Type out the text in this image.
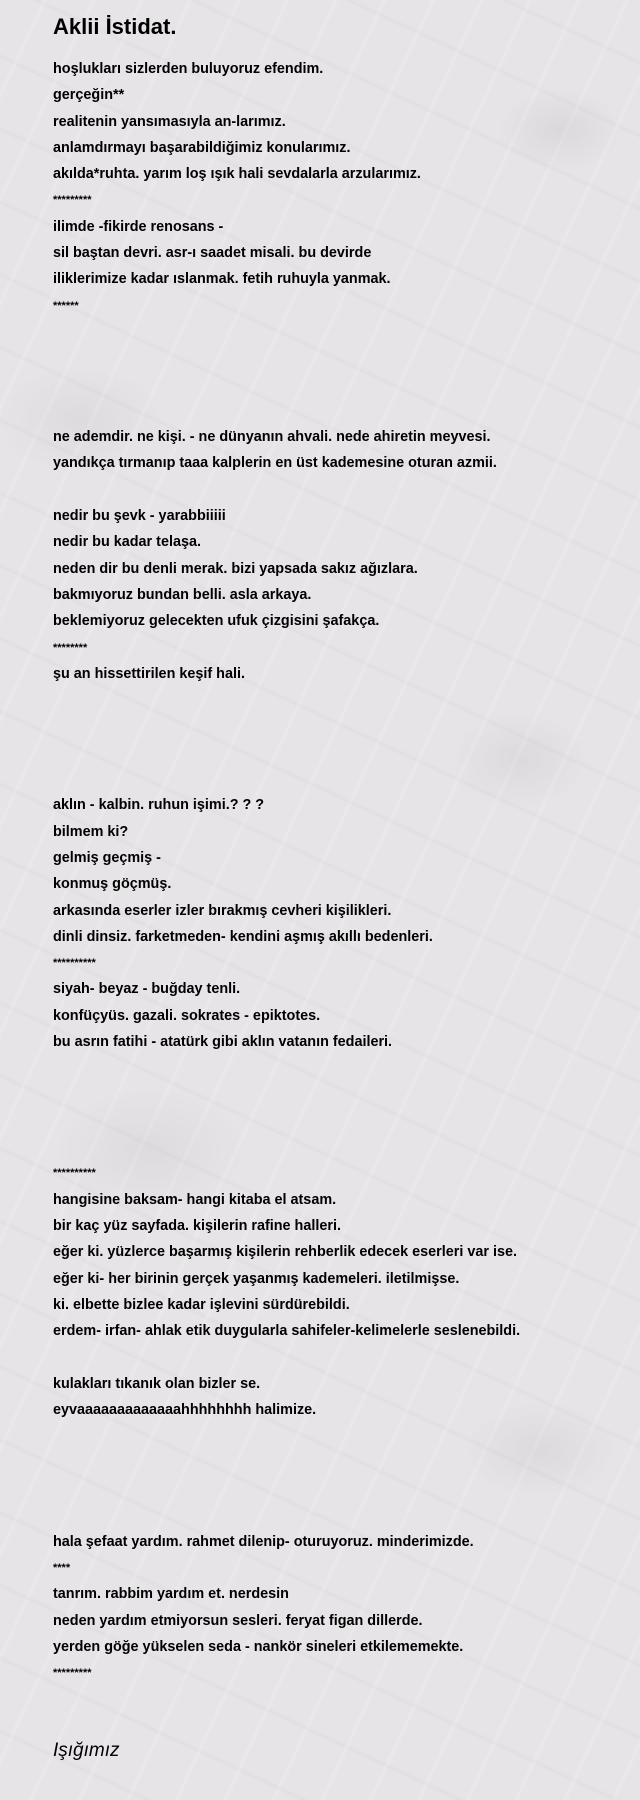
Aklii İstidat.
hoşlukları sizlerden buluyoruz efendim.
gerçeğin**
realitenin yansımasıyla an-larımız.
anlamdırmayı başarabildiğimiz konularımız.
akılda*ruhta. yarım loş ışık hali sevdalarla arzularımız.
*********
ilimde -fikirde renosans -
sil baştan devri. asr-ı saadet misali. bu devirde
iliklerimize kadar ıslanmak. fetih ruhuyla yanmak.
******
ne ademdir. ne kişi. - ne dünyanın ahvali. nede ahiretin meyvesi.
yandıkça tırmanıp taaa kalplerin en üst kademesine oturan azmii.
nedir bu şevk - yarabbiiiii
nedir bu kadar telaşa.
neden dir bu denli merak. bizi yapsada sakız ağızlara.
bakmıyoruz bundan belli. asla arkaya.
beklemiyoruz gelecekten ufuk çizgisini şafakça.
********
şu an hissettirilen keşif hali.
aklın - kalbin. ruhun işimi.? ? ?
bilmem ki?
gelmiş geçmiş -
konmuş göçmüş.
arkasında eserler izler bırakmış cevheri kişilikleri.
dinli dinsiz. farketmeden- kendini aşmış akıllı bedenleri.
**********
siyah- beyaz - buğday tenli.
konfüçyüs. gazali. sokrates - epiktotes.
bu asrın fatihi - atatürk gibi aklın vatanın fedaileri.
**********
hangisine baksam- hangi kitaba el atsam.
bir kaç yüz sayfada. kişilerin rafine halleri.
eğer ki. yüzlerce başarmış kişilerin rehberlik edecek eserleri var ise.
eğer ki- her birinin gerçek yaşanmış kademeleri. iletilmişse.
ki. elbette bizlee kadar işlevini sürdürebildi.
erdem- irfan- ahlak etik duygularla sahifeler-kelimelerle seslenebildi.
kulakları tıkanık olan bizler se.
eyvaaaaaaaaaaaaahhhhhhhh halimize.
hala şefaat yardım. rahmet dilenip- oturuyoruz. minderimizde.
****
tanrım. rabbim yardım et. nerdesin
neden yardım etmiyorsun sesleri. feryat figan dillerde.
yerden göğe yükselen seda - nankör sineleri etkilememekte.
*********
Işığımız
